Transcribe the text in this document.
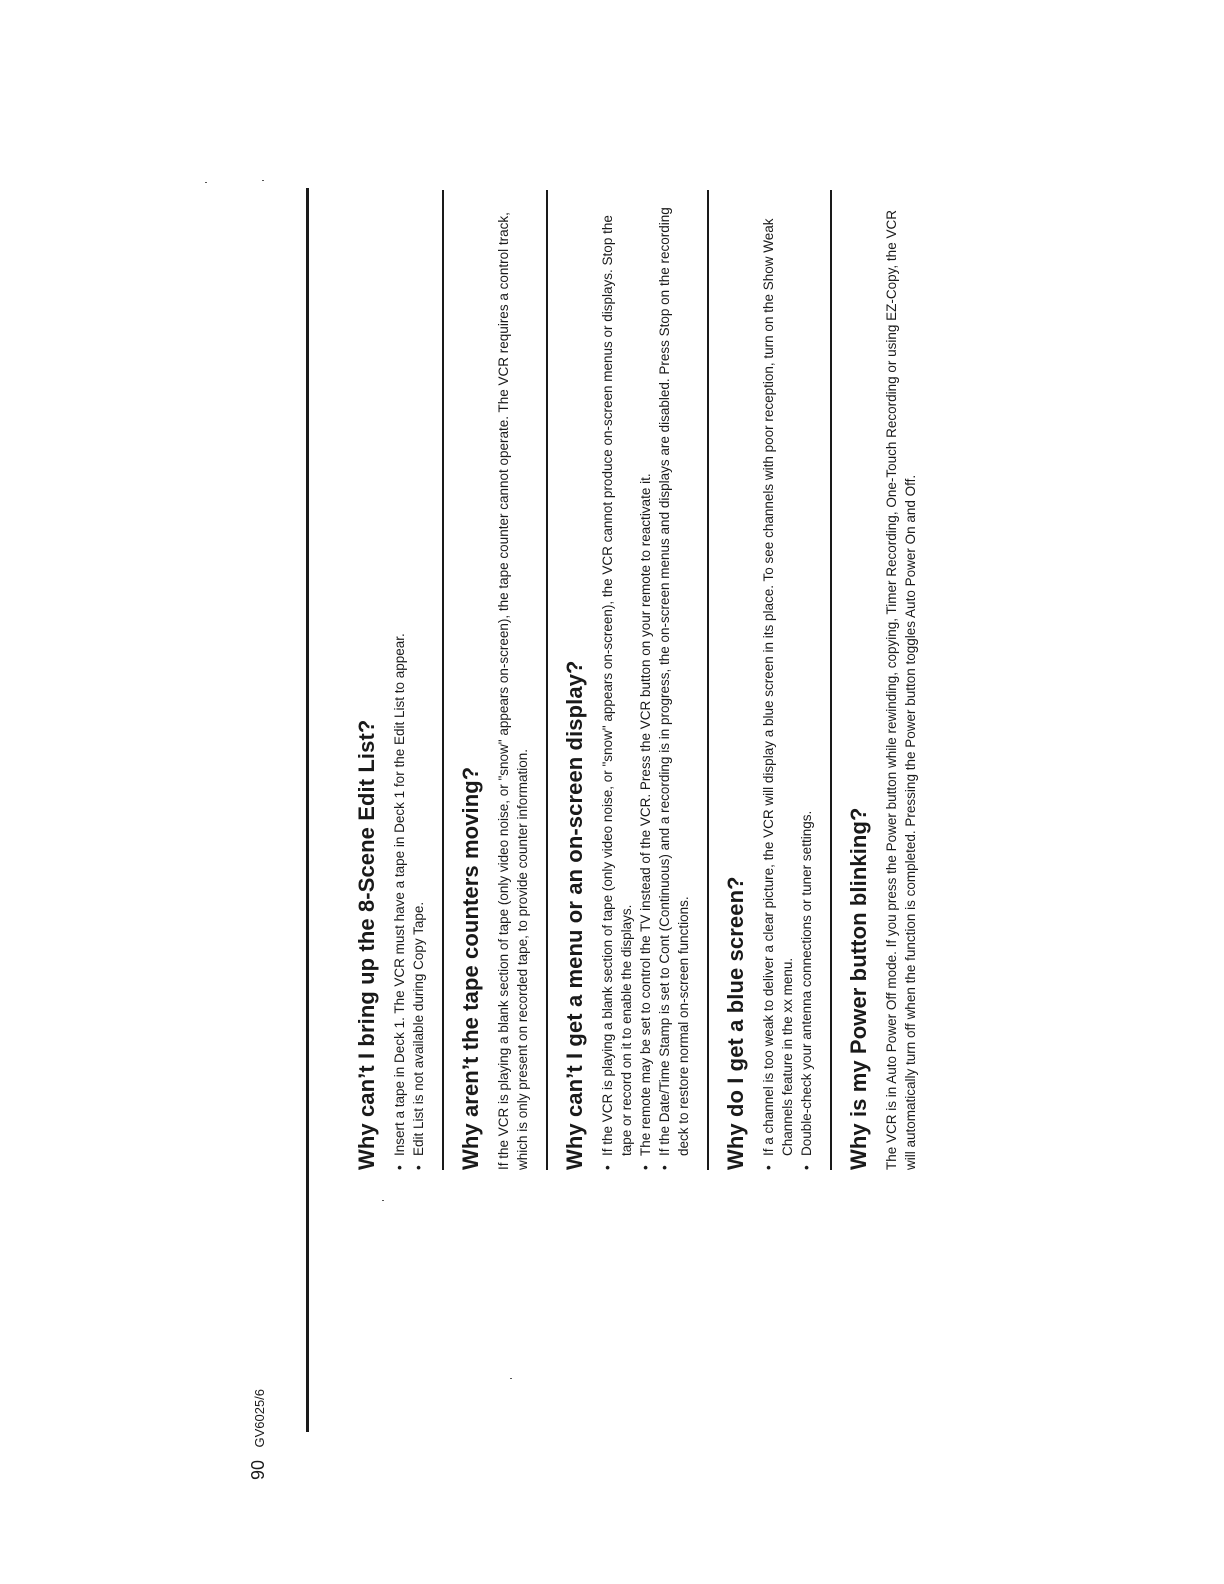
Why can’t I bring up the 8-Scene Edit List? • Insert a tape in Deck 1. The VCR must have a tape in Deck 1 for the Edit List to appear. • Edit List is not available during Copy Tape. Why aren’t the tape counters moving? If the VCR is playing a blank section of tape (only video noise, or "snow" appears on-screen), the tape counter cannot operate. The VCR requires a control track, which is only present on recorded tape, to provide counter information. Why can’t I get a menu or an on-screen display? • If the VCR is playing a blank section of tape (only video noise, or "snow" appears on-screen), the VCR cannot produce on-screen menus or displays. Stop the tape or record on it to enable the displays. • The remote may be set to control the TV instead of the VCR. Press the VCR button on your remote to reactivate it. • If the Date/Time Stamp is set to Cont (Continuous) and a recording is in progress, the on-screen menus and displays are disabled. Press Stop on the recording deck to restore normal on-screen functions. Why do I get a blue screen? • If a channel is too weak to deliver a clear picture, the VCR will display a blue screen in its place. To see channels with poor reception, turn on the Show Weak Channels feature in the xx menu. • Double-check your antenna connections or tuner settings. Why is my Power button blinking? The VCR is in Auto Power Off mode. If you press the Power button while rewinding, copying, Timer Recording, One-Touch Recording or using EZ-Copy, the VCR will automatically turn off when the function is completed. Pressing the Power button toggles Auto Power On and Off.

90 GV6025/6
